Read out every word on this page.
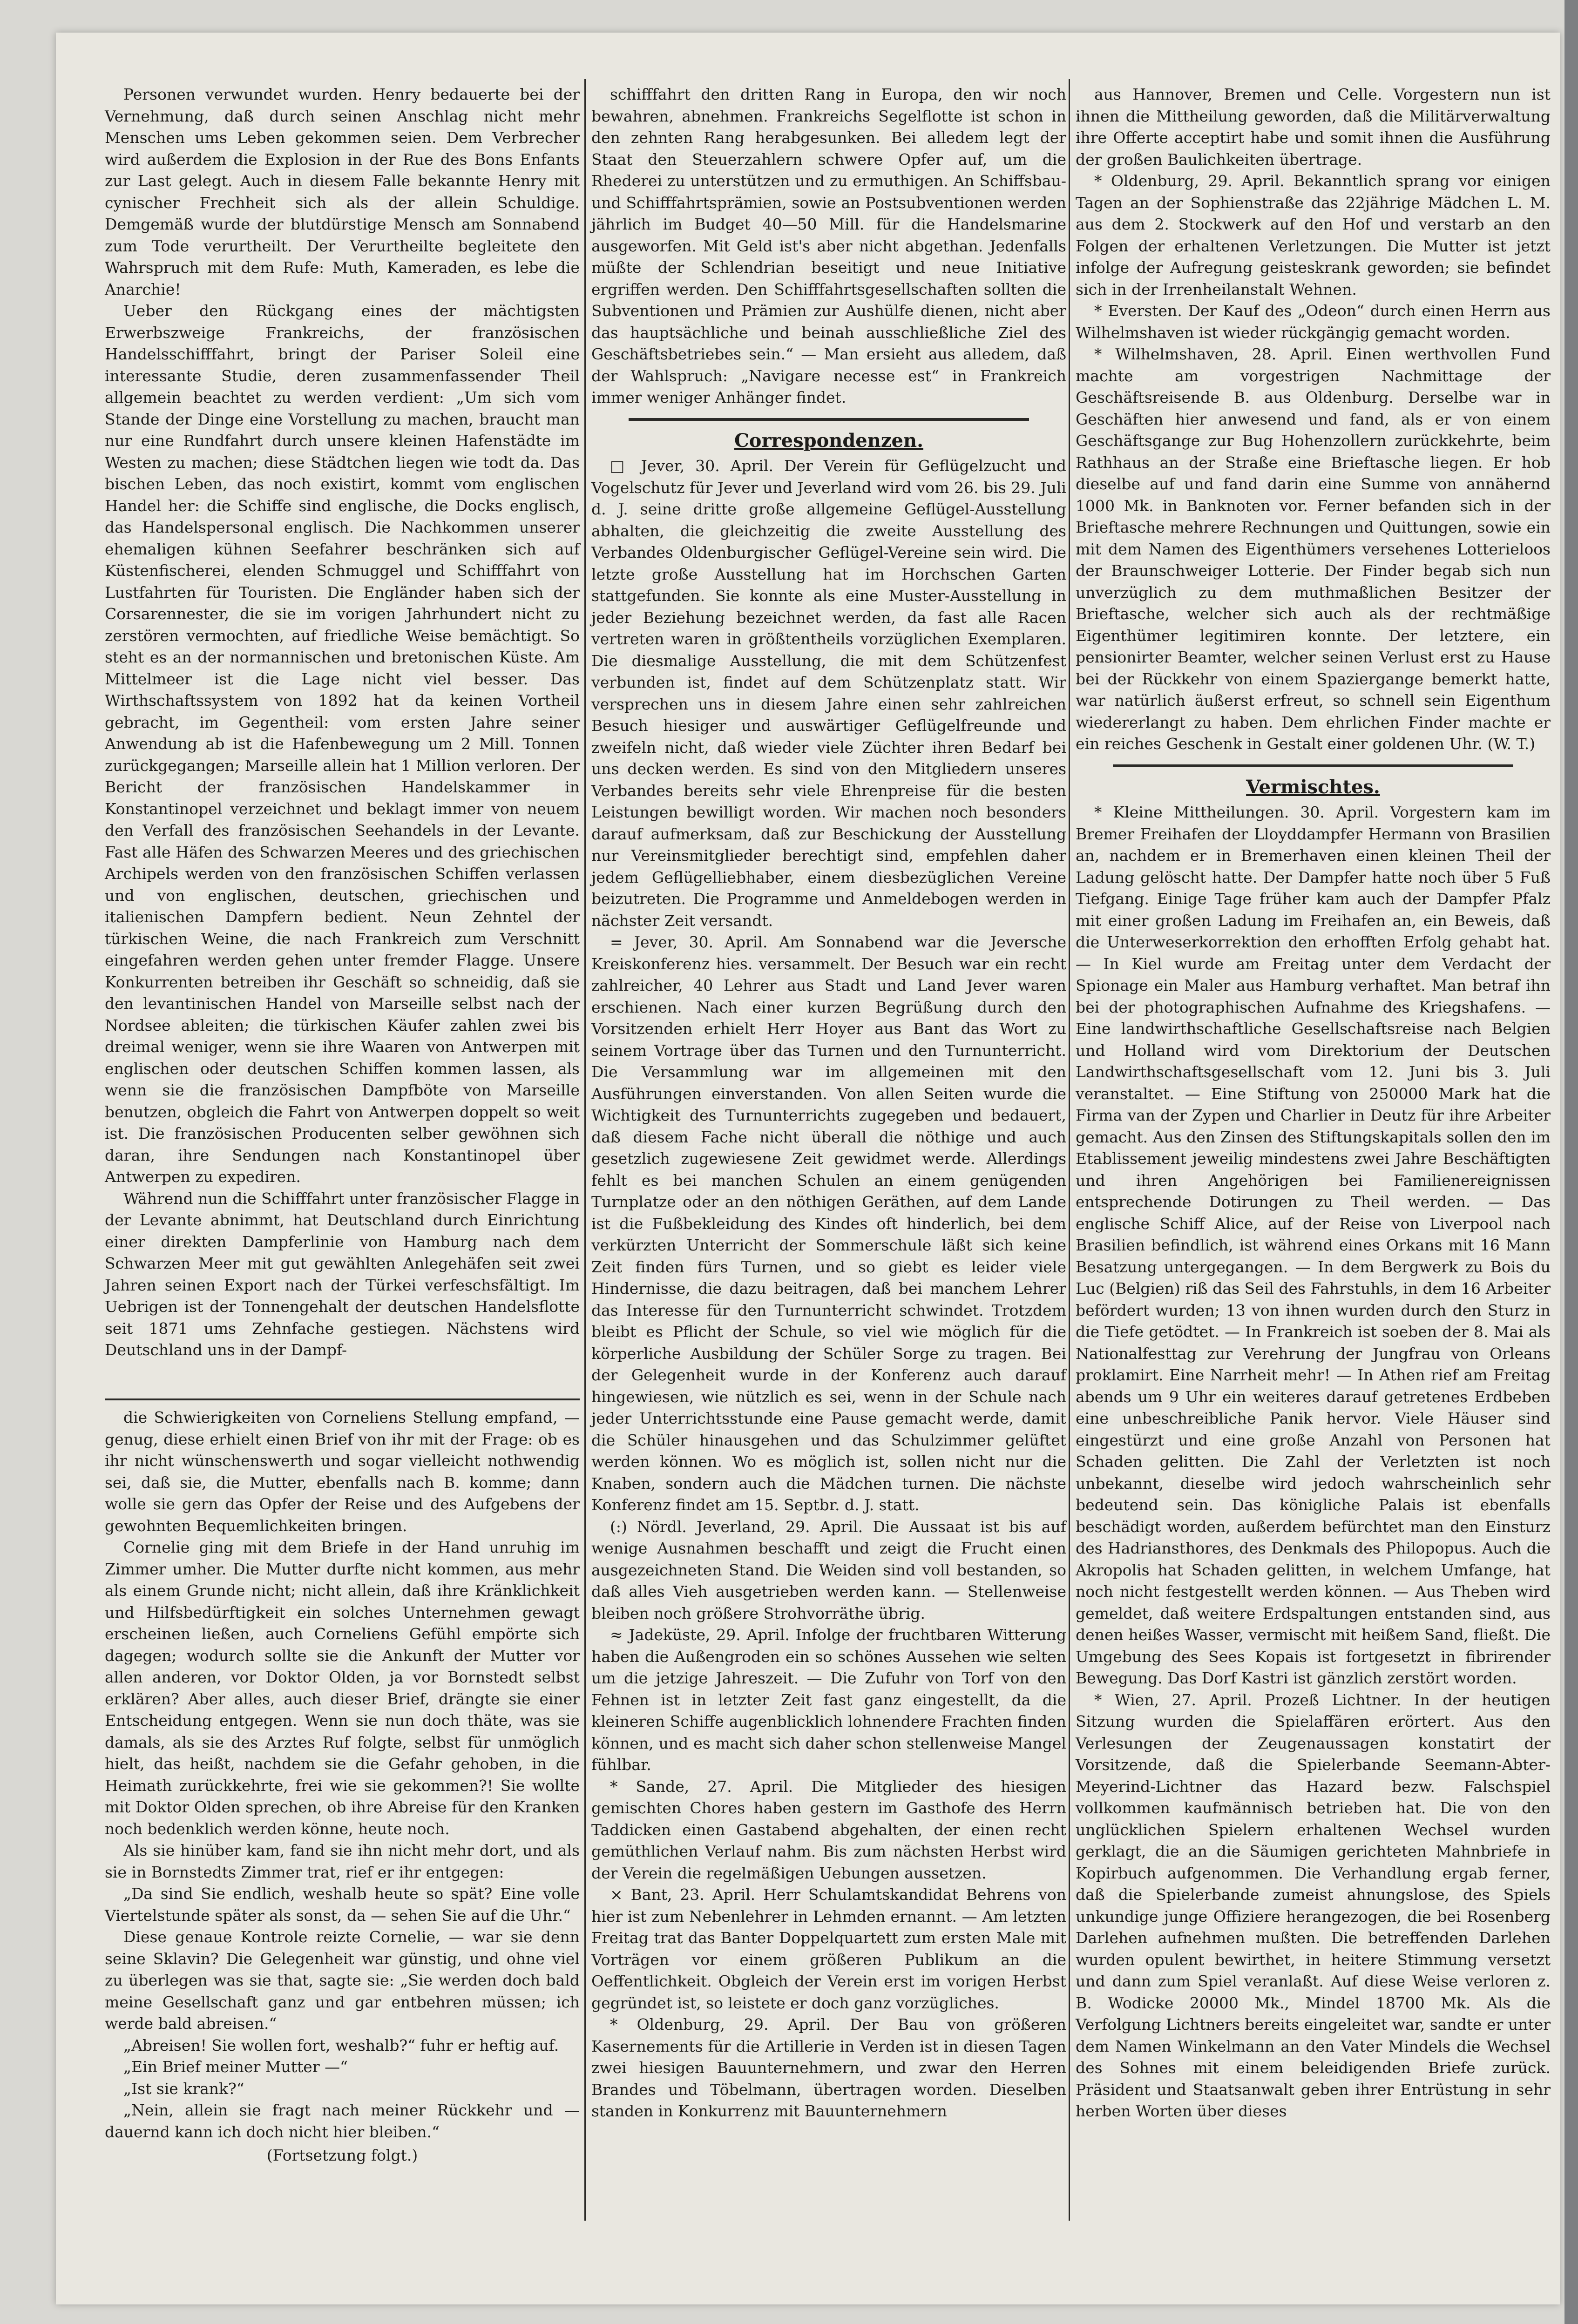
Personen verwundet wurden. Henry bedauerte bei der Vernehmung, daß durch seinen Anschlag nicht mehr Menschen ums Leben gekommen seien. Dem Verbrecher wird außerdem die Explosion in der Rue des Bons Enfants zur Last gelegt. Auch in diesem Falle bekannte Henry mit cynischer Frechheit sich als der allein Schuldige. Demgemäß wurde der blutdürstige Mensch am Sonnabend zum Tode verurtheilt. Der Verurtheilte begleitete den Wahrspruch mit dem Rufe: Muth, Kameraden, es lebe die Anarchie!

Ueber den Rückgang eines der mächtigsten Erwerbszweige Frankreichs, der französischen Handelsschifffahrt, bringt der Pariser Soleil eine interessante Studie, deren zusammenfassender Theil allgemein beachtet zu werden verdient: „Um sich vom Stande der Dinge eine Vorstellung zu machen, braucht man nur eine Rundfahrt durch unsere kleinen Hafenstädte im Westen zu machen; diese Städtchen liegen wie todt da. Das bischen Leben, das noch existirt, kommt vom englischen Handel her: die Schiffe sind englische, die Docks englisch, das Handelspersonal englisch. Die Nachkommen unserer ehemaligen kühnen Seefahrer beschränken sich auf Küstenfischerei, elenden Schmuggel und Schifffahrt von Lustfahrten für Touristen. Die Engländer haben sich der Corsarennester, die sie im vorigen Jahrhundert nicht zu zerstören vermochten, auf friedliche Weise bemächtigt. So steht es an der normannischen und bretonischen Küste. Am Mittelmeer ist die Lage nicht viel besser. Das Wirthschaftssystem von 1892 hat da keinen Vortheil gebracht, im Gegentheil: vom ersten Jahre seiner Anwendung ab ist die Hafenbewegung um 2 Mill. Tonnen zurückgegangen; Marseille allein hat 1 Million verloren. Der Bericht der französischen Handelskammer in Konstantinopel verzeichnet und beklagt immer von neuem den Verfall des französischen Seehandels in der Levante. Fast alle Häfen des Schwarzen Meeres und des griechischen Archipels werden von den französischen Schiffen verlassen und von englischen, deutschen, griechischen und italienischen Dampfern bedient. Neun Zehntel der türkischen Weine, die nach Frankreich zum Verschnitt eingefahren werden gehen unter fremder Flagge. Unsere Konkurrenten betreiben ihr Geschäft so schneidig, daß sie den levantinischen Handel von Marseille selbst nach der Nordsee ableiten; die türkischen Käufer zahlen zwei bis dreimal weniger, wenn sie ihre Waaren von Antwerpen mit englischen oder deutschen Schiffen kommen lassen, als wenn sie die französischen Dampfböte von Marseille benutzen, obgleich die Fahrt von Antwerpen doppelt so weit ist. Die französischen Producenten selber gewöhnen sich daran, ihre Sendungen nach Konstantinopel über Antwerpen zu expediren.

Während nun die Schifffahrt unter französischer Flagge in der Levante abnimmt, hat Deutschland durch Einrichtung einer direkten Dampferlinie von Hamburg nach dem Schwarzen Meer mit gut gewählten Anlegehäfen seit zwei Jahren seinen Export nach der Türkei verfeschsfältigt. Im Uebrigen ist der Tonnengehalt der deutschen Handelsflotte seit 1871 ums Zehnfache gestiegen. Nächstens wird Deutschland uns in der Dampf-

die Schwierigkeiten von Corneliens Stellung empfand, — genug, diese erhielt einen Brief von ihr mit der Frage: ob es ihr nicht wünschenswerth und sogar vielleicht nothwendig sei, daß sie, die Mutter, ebenfalls nach B. komme; dann wolle sie gern das Opfer der Reise und des Aufgebens der gewohnten Bequemlichkeiten bringen.

Cornelie ging mit dem Briefe in der Hand unruhig im Zimmer umher. Die Mutter durfte nicht kommen, aus mehr als einem Grunde nicht; nicht allein, daß ihre Kränklichkeit und Hilfsbedürftigkeit ein solches Unternehmen gewagt erscheinen ließen, auch Corneliens Gefühl empörte sich dagegen; wodurch sollte sie die Ankunft der Mutter vor allen anderen, vor Doktor Olden, ja vor Bornstedt selbst erklären? Aber alles, auch dieser Brief, drängte sie einer Entscheidung entgegen. Wenn sie nun doch thäte, was sie damals, als sie des Arztes Ruf folgte, selbst für unmöglich hielt, das heißt, nachdem sie die Gefahr gehoben, in die Heimath zurückkehrte, frei wie sie gekommen?! Sie wollte mit Doktor Olden sprechen, ob ihre Abreise für den Kranken noch bedenklich werden könne, heute noch.

Als sie hinüber kam, fand sie ihn nicht mehr dort, und als sie in Bornstedts Zimmer trat, rief er ihr entgegen:

„Da sind Sie endlich, weshalb heute so spät? Eine volle Viertelstunde später als sonst, da — sehen Sie auf die Uhr.“

Diese genaue Kontrole reizte Cornelie, — war sie denn seine Sklavin? Die Gelegenheit war günstig, und ohne viel zu überlegen was sie that, sagte sie: „Sie werden doch bald meine Gesellschaft ganz und gar entbehren müssen; ich werde bald abreisen.“

„Abreisen! Sie wollen fort, weshalb?“ fuhr er heftig auf.

„Ein Brief meiner Mutter —“

„Ist sie krank?“

„Nein, allein sie fragt nach meiner Rückkehr und — dauernd kann ich doch nicht hier bleiben.“

(Fortsetzung folgt.)

schifffahrt den dritten Rang in Europa, den wir noch bewahren, abnehmen. Frankreichs Segelflotte ist schon in den zehnten Rang herabgesunken. Bei alledem legt der Staat den Steuerzahlern schwere Opfer auf, um die Rhederei zu unterstützen und zu ermuthigen. An Schiffsbau- und Schifffahrtsprämien, sowie an Postsubventionen werden jährlich im Budget 40—50 Mill. für die Handelsmarine ausgeworfen. Mit Geld ist's aber nicht abgethan. Jedenfalls müßte der Schlendrian beseitigt und neue Initiative ergriffen werden. Den Schifffahrtsgesellschaften sollten die Subventionen und Prämien zur Aushülfe dienen, nicht aber das hauptsächliche und beinah ausschließliche Ziel des Geschäftsbetriebes sein.“ — Man ersieht aus alledem, daß der Wahlspruch: „Navigare necesse est“ in Frankreich immer weniger Anhänger findet.

Correspondenzen.

□ Jever, 30. April. Der Verein für Geflügelzucht und Vogelschutz für Jever und Jeverland wird vom 26. bis 29. Juli d. J. seine dritte große allgemeine Geflügel-Ausstellung abhalten, die gleichzeitig die zweite Ausstellung des Verbandes Oldenburgischer Geflügel-Vereine sein wird. Die letzte große Ausstellung hat im Horchschen Garten stattgefunden. Sie konnte als eine Muster-Ausstellung in jeder Beziehung bezeichnet werden, da fast alle Racen vertreten waren in größtentheils vorzüglichen Exemplaren. Die diesmalige Ausstellung, die mit dem Schützenfest verbunden ist, findet auf dem Schützenplatz statt. Wir versprechen uns in diesem Jahre einen sehr zahlreichen Besuch hiesiger und auswärtiger Geflügelfreunde und zweifeln nicht, daß wieder viele Züchter ihren Bedarf bei uns decken werden. Es sind von den Mitgliedern unseres Verbandes bereits sehr viele Ehrenpreise für die besten Leistungen bewilligt worden. Wir machen noch besonders darauf aufmerksam, daß zur Beschickung der Ausstellung nur Vereinsmitglieder berechtigt sind, empfehlen daher jedem Geflügelliebhaber, einem diesbezüglichen Vereine beizutreten. Die Programme und Anmeldebogen werden in nächster Zeit versandt.

= Jever, 30. April. Am Sonnabend war die Jeversche Kreiskonferenz hies. versammelt. Der Besuch war ein recht zahlreicher, 40 Lehrer aus Stadt und Land Jever waren erschienen. Nach einer kurzen Begrüßung durch den Vorsitzenden erhielt Herr Hoyer aus Bant das Wort zu seinem Vortrage über das Turnen und den Turnunterricht. Die Versammlung war im allgemeinen mit den Ausführungen einverstanden. Von allen Seiten wurde die Wichtigkeit des Turnunterrichts zugegeben und bedauert, daß diesem Fache nicht überall die nöthige und auch gesetzlich zugewiesene Zeit gewidmet werde. Allerdings fehlt es bei manchen Schulen an einem genügenden Turnplatze oder an den nöthigen Geräthen, auf dem Lande ist die Fußbekleidung des Kindes oft hinderlich, bei dem verkürzten Unterricht der Sommerschule läßt sich keine Zeit finden fürs Turnen, und so giebt es leider viele Hindernisse, die dazu beitragen, daß bei manchem Lehrer das Interesse für den Turnunterricht schwindet. Trotzdem bleibt es Pflicht der Schule, so viel wie möglich für die körperliche Ausbildung der Schüler Sorge zu tragen. Bei der Gelegenheit wurde in der Konferenz auch darauf hingewiesen, wie nützlich es sei, wenn in der Schule nach jeder Unterrichtsstunde eine Pause gemacht werde, damit die Schüler hinausgehen und das Schulzimmer gelüftet werden können. Wo es möglich ist, sollen nicht nur die Knaben, sondern auch die Mädchen turnen. Die nächste Konferenz findet am 15. Septbr. d. J. statt.

(:) Nördl. Jeverland, 29. April. Die Aussaat ist bis auf wenige Ausnahmen beschafft und zeigt die Frucht einen ausgezeichneten Stand. Die Weiden sind voll bestanden, so daß alles Vieh ausgetrieben werden kann. — Stellenweise bleiben noch größere Strohvorräthe übrig.

≈ Jadeküste, 29. April. Infolge der fruchtbaren Witterung haben die Außengroden ein so schönes Aussehen wie selten um die jetzige Jahreszeit. — Die Zufuhr von Torf von den Fehnen ist in letzter Zeit fast ganz eingestellt, da die kleineren Schiffe augenblicklich lohnendere Frachten finden können, und es macht sich daher schon stellenweise Mangel fühlbar.

* Sande, 27. April. Die Mitglieder des hiesigen gemischten Chores haben gestern im Gasthofe des Herrn Taddicken einen Gastabend abgehalten, der einen recht gemüthlichen Verlauf nahm. Bis zum nächsten Herbst wird der Verein die regelmäßigen Uebungen aussetzen.

⨯ Bant, 23. April. Herr Schulamtskandidat Behrens von hier ist zum Nebenlehrer in Lehmden ernannt. — Am letzten Freitag trat das Banter Doppelquartett zum ersten Male mit Vorträgen vor einem größeren Publikum an die Oeffentlichkeit. Obgleich der Verein erst im vorigen Herbst gegründet ist, so leistete er doch ganz vorzügliches.

* Oldenburg, 29. April. Der Bau von größeren Kasernements für die Artillerie in Verden ist in diesen Tagen zwei hiesigen Bauunternehmern, und zwar den Herren Brandes und Töbelmann, übertragen worden. Dieselben standen in Konkurrenz mit Bauunternehmern

aus Hannover, Bremen und Celle. Vorgestern nun ist ihnen die Mittheilung geworden, daß die Militärverwaltung ihre Offerte acceptirt habe und somit ihnen die Ausführung der großen Baulichkeiten übertrage.

* Oldenburg, 29. April. Bekanntlich sprang vor einigen Tagen an der Sophienstraße das 22jährige Mädchen L. M. aus dem 2. Stockwerk auf den Hof und verstarb an den Folgen der erhaltenen Verletzungen. Die Mutter ist jetzt infolge der Aufregung geisteskrank geworden; sie befindet sich in der Irrenheilanstalt Wehnen.

* Eversten. Der Kauf des „Odeon“ durch einen Herrn aus Wilhelmshaven ist wieder rückgängig gemacht worden.

* Wilhelmshaven, 28. April. Einen werthvollen Fund machte am vorgestrigen Nachmittage der Geschäftsreisende B. aus Oldenburg. Derselbe war in Geschäften hier anwesend und fand, als er von einem Geschäftsgange zur Bug Hohenzollern zurückkehrte, beim Rathhaus an der Straße eine Brieftasche liegen. Er hob dieselbe auf und fand darin eine Summe von annähernd 1000 Mk. in Banknoten vor. Ferner befanden sich in der Brieftasche mehrere Rechnungen und Quittungen, sowie ein mit dem Namen des Eigenthümers versehenes Lotterieloos der Braunschweiger Lotterie. Der Finder begab sich nun unverzüglich zu dem muthmaßlichen Besitzer der Brieftasche, welcher sich auch als der rechtmäßige Eigenthümer legitimiren konnte. Der letztere, ein pensionirter Beamter, welcher seinen Verlust erst zu Hause bei der Rückkehr von einem Spaziergange bemerkt hatte, war natürlich äußerst erfreut, so schnell sein Eigenthum wiedererlangt zu haben. Dem ehrlichen Finder machte er ein reiches Geschenk in Gestalt einer goldenen Uhr. (W. T.)

Vermischtes.

* Kleine Mittheilungen. 30. April. Vorgestern kam im Bremer Freihafen der Lloyddampfer Hermann von Brasilien an, nachdem er in Bremerhaven einen kleinen Theil der Ladung gelöscht hatte. Der Dampfer hatte noch über 5 Fuß Tiefgang. Einige Tage früher kam auch der Dampfer Pfalz mit einer großen Ladung im Freihafen an, ein Beweis, daß die Unterweserkorrektion den erhofften Erfolg gehabt hat. — In Kiel wurde am Freitag unter dem Verdacht der Spionage ein Maler aus Hamburg verhaftet. Man betraf ihn bei der photographischen Aufnahme des Kriegshafens. — Eine landwirthschaftliche Gesellschaftsreise nach Belgien und Holland wird vom Direktorium der Deutschen Landwirthschaftsgesellschaft vom 12. Juni bis 3. Juli veranstaltet. — Eine Stiftung von 250000 Mark hat die Firma van der Zypen und Charlier in Deutz für ihre Arbeiter gemacht. Aus den Zinsen des Stiftungskapitals sollen den im Etablissement jeweilig mindestens zwei Jahre Beschäftigten und ihren Angehörigen bei Familienereignissen entsprechende Dotirungen zu Theil werden. — Das englische Schiff Alice, auf der Reise von Liverpool nach Brasilien befindlich, ist während eines Orkans mit 16 Mann Besatzung untergegangen. — In dem Bergwerk zu Bois du Luc (Belgien) riß das Seil des Fahrstuhls, in dem 16 Arbeiter befördert wurden; 13 von ihnen wurden durch den Sturz in die Tiefe getödtet. — In Frankreich ist soeben der 8. Mai als Nationalfesttag zur Verehrung der Jungfrau von Orleans proklamirt. Eine Narrheit mehr! — In Athen rief am Freitag abends um 9 Uhr ein weiteres darauf getretenes Erdbeben eine unbeschreibliche Panik hervor. Viele Häuser sind eingestürzt und eine große Anzahl von Personen hat Schaden gelitten. Die Zahl der Verletzten ist noch unbekannt, dieselbe wird jedoch wahrscheinlich sehr bedeutend sein. Das königliche Palais ist ebenfalls beschädigt worden, außerdem befürchtet man den Einsturz des Hadriansthores, des Denkmals des Philopopus. Auch die Akropolis hat Schaden gelitten, in welchem Umfange, hat noch nicht festgestellt werden können. — Aus Theben wird gemeldet, daß weitere Erdspaltungen entstanden sind, aus denen heißes Wasser, vermischt mit heißem Sand, fließt. Die Umgebung des Sees Kopais ist fortgesetzt in fibrirender Bewegung. Das Dorf Kastri ist gänzlich zerstört worden.

* Wien, 27. April. Prozeß Lichtner. In der heutigen Sitzung wurden die Spielaffären erörtert. Aus den Verlesungen der Zeugenaussagen konstatirt der Vorsitzende, daß die Spielerbande Seemann-Abter-Meyerind-Lichtner das Hazard bezw. Falschspiel vollkommen kaufmännisch betrieben hat. Die von den unglücklichen Spielern erhaltenen Wechsel wurden gerklagt, die an die Säumigen gerichteten Mahnbriefe in Kopirbuch aufgenommen. Die Verhandlung ergab ferner, daß die Spielerbande zumeist ahnungslose, des Spiels unkundige junge Offiziere herangezogen, die bei Rosenberg Darlehen aufnehmen mußten. Die betreffenden Darlehen wurden opulent bewirthet, in heitere Stimmung versetzt und dann zum Spiel veranlaßt. Auf diese Weise verloren z. B. Wodicke 20000 Mk., Mindel 18700 Mk. Als die Verfolgung Lichtners bereits eingeleitet war, sandte er unter dem Namen Winkelmann an den Vater Mindels die Wechsel des Sohnes mit einem beleidigenden Briefe zurück. Präsident und Staatsanwalt geben ihrer Entrüstung in sehr herben Worten über dieses
